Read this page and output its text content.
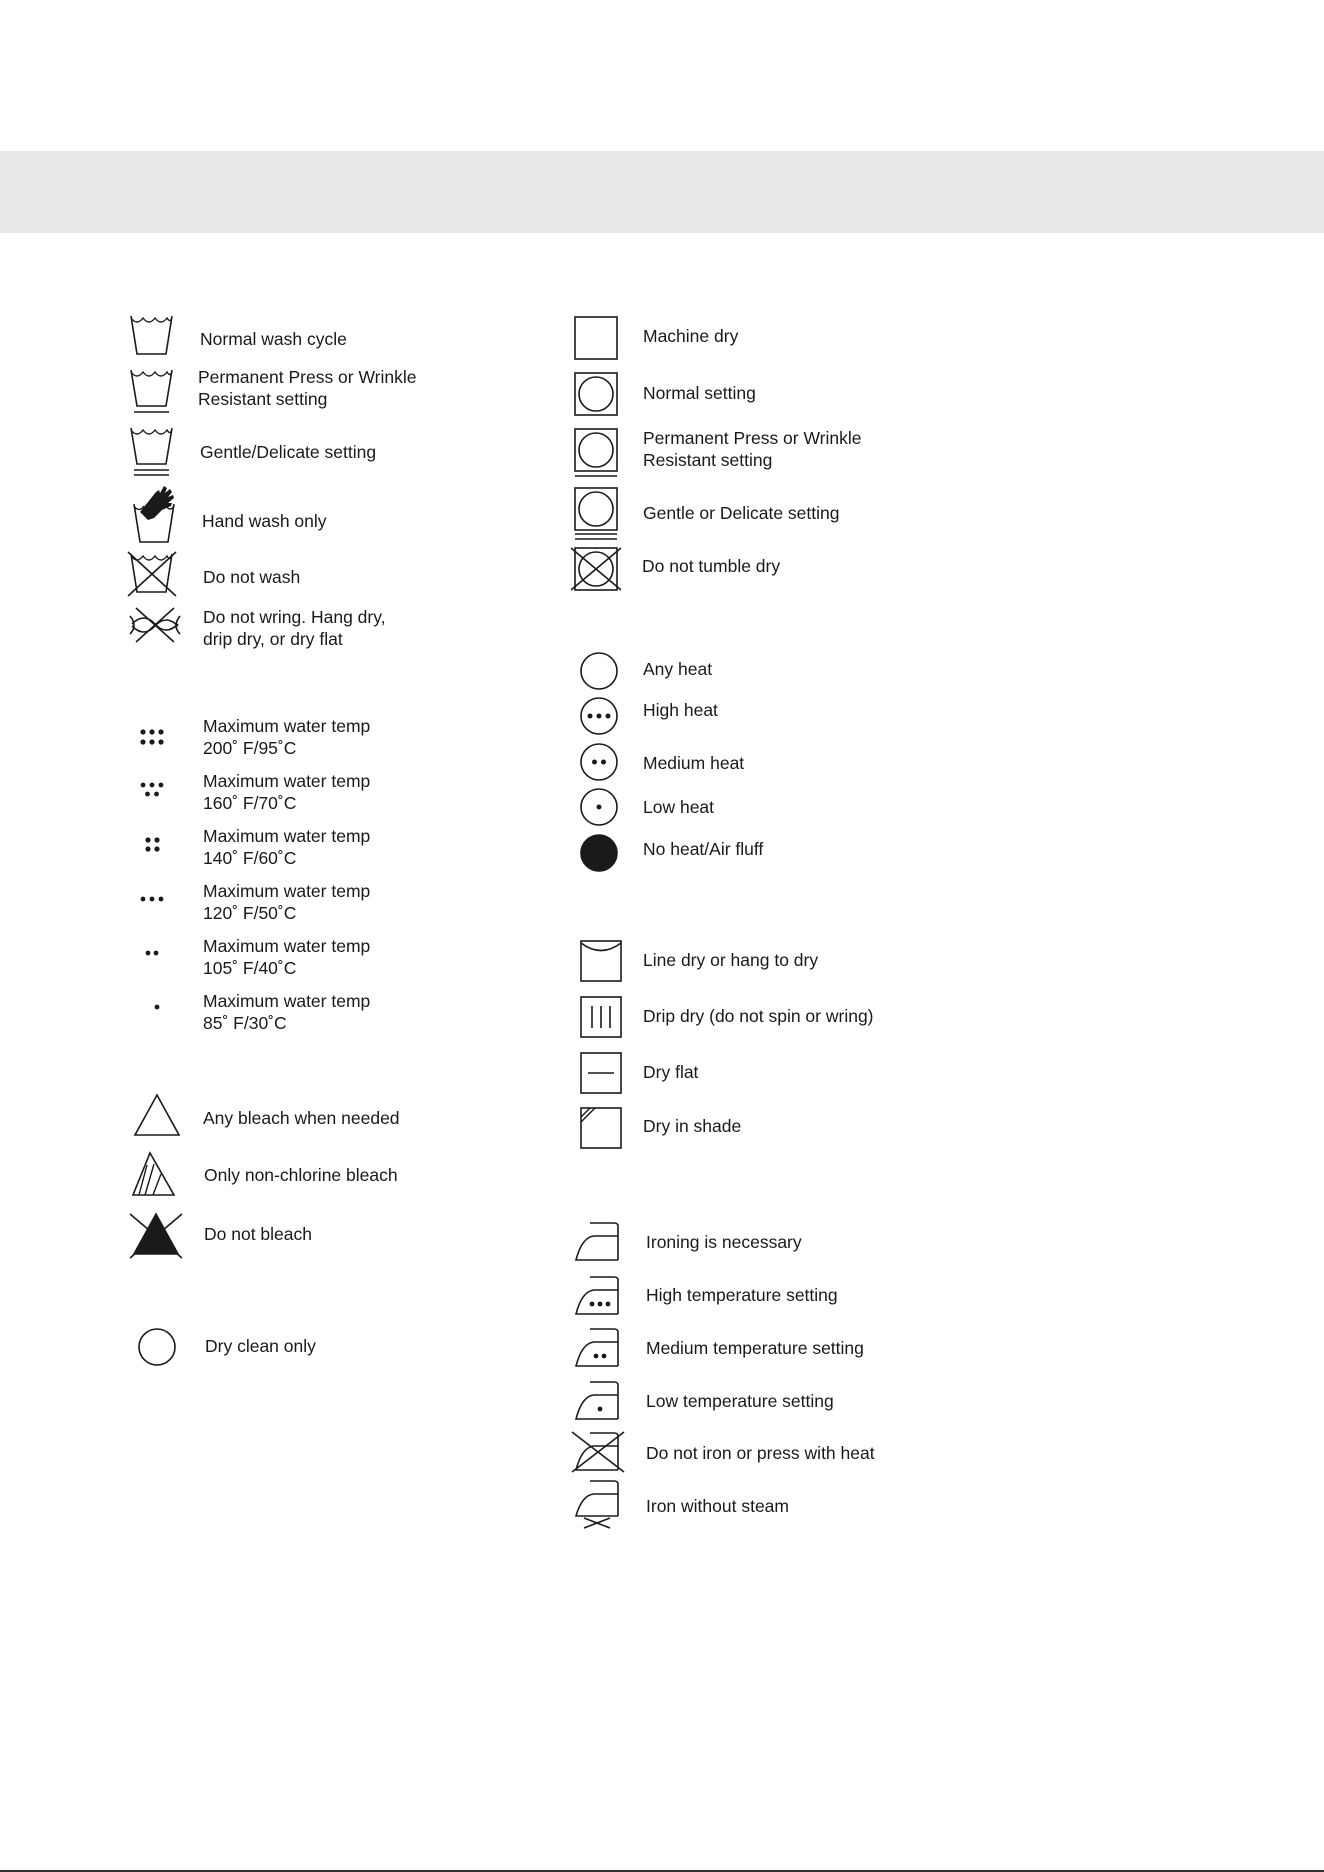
Normal wash cycle
Permanent Press or Wrinkle
Resistant setting
Gentle/Delicate setting
Hand wash only
Do not wash
Do not wring. Hang dry,
drip dry, or dry flat
Maximum water temp
200˚ F/95˚C
Maximum water temp
160˚ F/70˚C
Maximum water temp
140˚ F/60˚C
Maximum water temp
120˚ F/50˚C
Maximum water temp
105˚ F/40˚C
Maximum water temp
85˚ F/30˚C
Any bleach when needed
Only non-chlorine bleach
Do not bleach
Dry clean only
Machine dry
Normal setting
Permanent Press or Wrinkle
Resistant setting
Gentle or Delicate setting
Do not tumble dry
Any heat
High heat
Medium heat
Low heat
No heat/Air fluff
Line dry or hang to dry
Drip dry (do not spin or wring)
Dry flat
Dry in shade
Ironing is necessary
High temperature setting
Medium temperature setting
Low temperature setting
Do not iron or press with heat
Iron without steam
